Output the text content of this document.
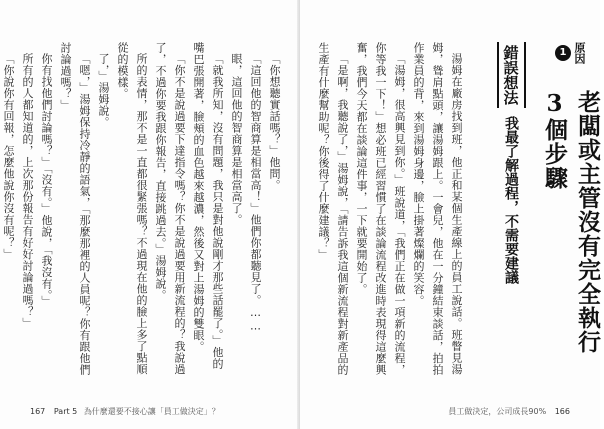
「你想聽實話嗎？」他問。

「這回他的智商算是相當高！」他們你都聽見了。……

眼，這回他的智商算是相當高了。

「就我所知，沒有問題，我只是對他說剛才那些話罷了。」他的嘴巴張開著，臉頰的血色越來越濃，然後又對上湯姆的雙眼。

「你不是說過要下達指令嗎？你不是說過要用新流程的？我說過了，不過你要我跟你報告，直接跳過去。」湯姆說。

所的表情，那不是一直都很緊張嗎？不過現在他的臉上多了點順從的模樣。

了，」湯姆說。

「嗯，」湯姆保持冷靜的語氣，「那麼那裡的人員呢？你有跟他們討論過嗎？」

你有找他們討論嗎？」「沒有。」他說，「我沒有。」

所有的人都知道的，上次那份報告有好好討論過嗎？」

「你說你有回報，怎麼他說你沒有呢？」

167 Part 5 為什麼還要不接心讓「員工做決定」？
原因 1
老闆或主管沒有完全執行3個步驟
錯誤想法
我最了解過程，不需要建議

湯姆在廠房找到班，他正和某個生產線上的員工說話。班瞥見湯姆，聳肩點頭，讓湯姆跟上。一會兒，他在一分鐘結束談話，拍拍作業員的背，來到湯姆身邊，臉上掛著燦爛的笑容。

「湯姆，很高興見到你。」班說道，「我們正在做一項新的流程，你等我一下！」想必班已經習慣了在談論流程改進時表現得這麼興奮，我們今天都在談論這件事，一下就要開始了。

「是啊，我聽說了，」湯姆說，「請告訴我這個新流程對新產品的生產有什麼幫助呢？你後得了什麼建議？」

員工做決定，公司成長90% 166
